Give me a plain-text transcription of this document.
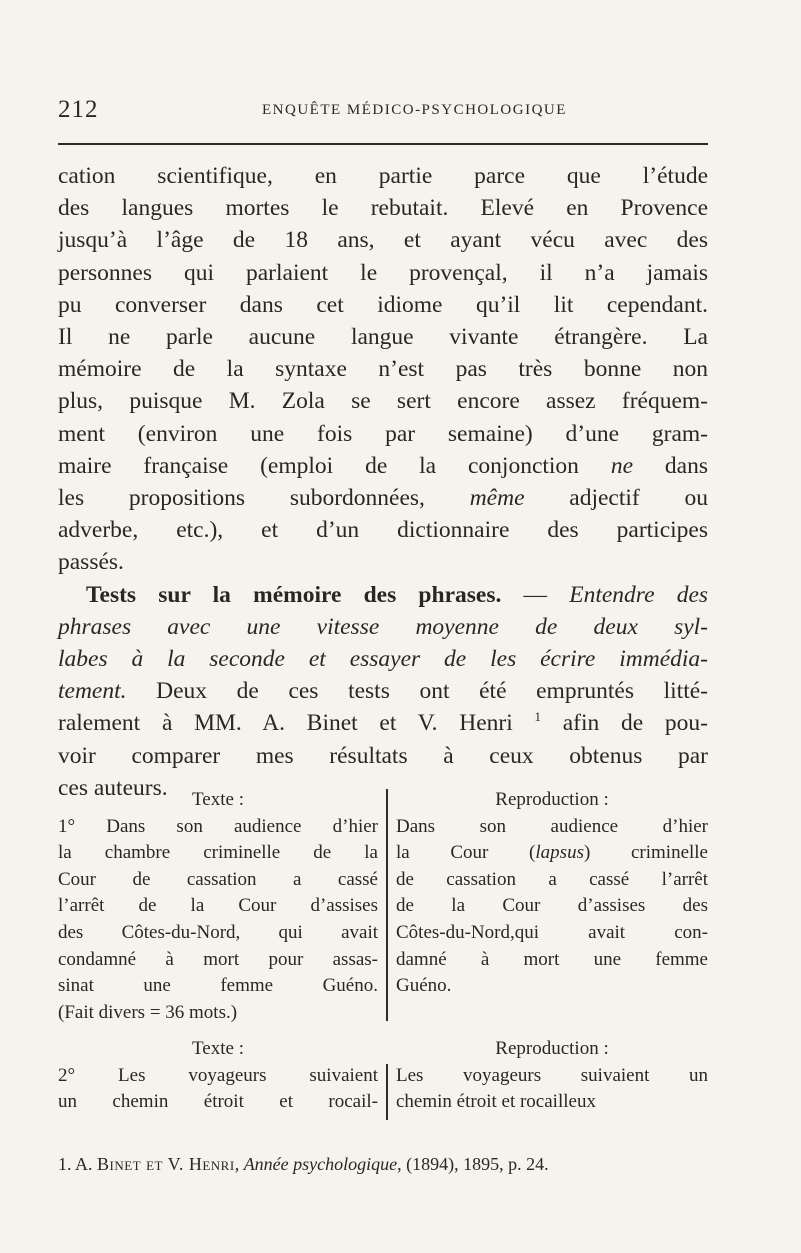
212	ENQUÊTE MÉDICO-PSYCHOLOGIQUE

cation scientifique, en partie parce que l’étude
des langues mortes le rebutait. Elevé en Provence
jusqu’à l’âge de 18 ans, et ayant vécu avec des
personnes qui parlaient le provençal, il n’a jamais
pu converser dans cet idiome qu’il lit cependant.
Il ne parle aucune langue vivante étrangère. La
mémoire de la syntaxe n’est pas très bonne non
plus, puisque M. Zola se sert encore assez fréquem-
ment (environ une fois par semaine) d’une gram-
maire française (emploi de la conjonction ne dans
les propositions subordonnées, même adjectif ou
adverbe, etc.), et d’un dictionnaire des participes
passés.

Tests sur la mémoire des phrases. — Entendre des
phrases avec une vitesse moyenne de deux syl-
labes à la seconde et essayer de les écrire immédia-
tement. Deux de ces tests ont été empruntés litté-
ralement à MM. A. Binet et V. Henri $^1$ afin de pou-
voir comparer mes résultats à ceux obtenus par
ces auteurs.	Texte :
1° Dans son audience d’hier
la chambre criminelle de la
Cour de cassation a cassé
l’arrêt de la Cour d’assises
des Côtes-du-Nord, qui avait
condamné à mort pour assas-
sinat une femme Guéno.
(Fait divers = 36 mots.)
Reproduction :
Dans son audience d’hier
la Cour (lapsus) criminelle
de cassation a cassé l’arrêt
de la Cour d’assises des
Côtes-du-Nord,qui avait con-
damné à mort une femme
Guéno.
Texte :
2° Les voyageurs suivaient
un chemin étroit et rocail-
Reproduction :
Les voyageurs suivaient un
chemin étroit et rocailleux
1. A. Binet et V. Henri, Année psychologique, (1894), 1895, p. 24.
